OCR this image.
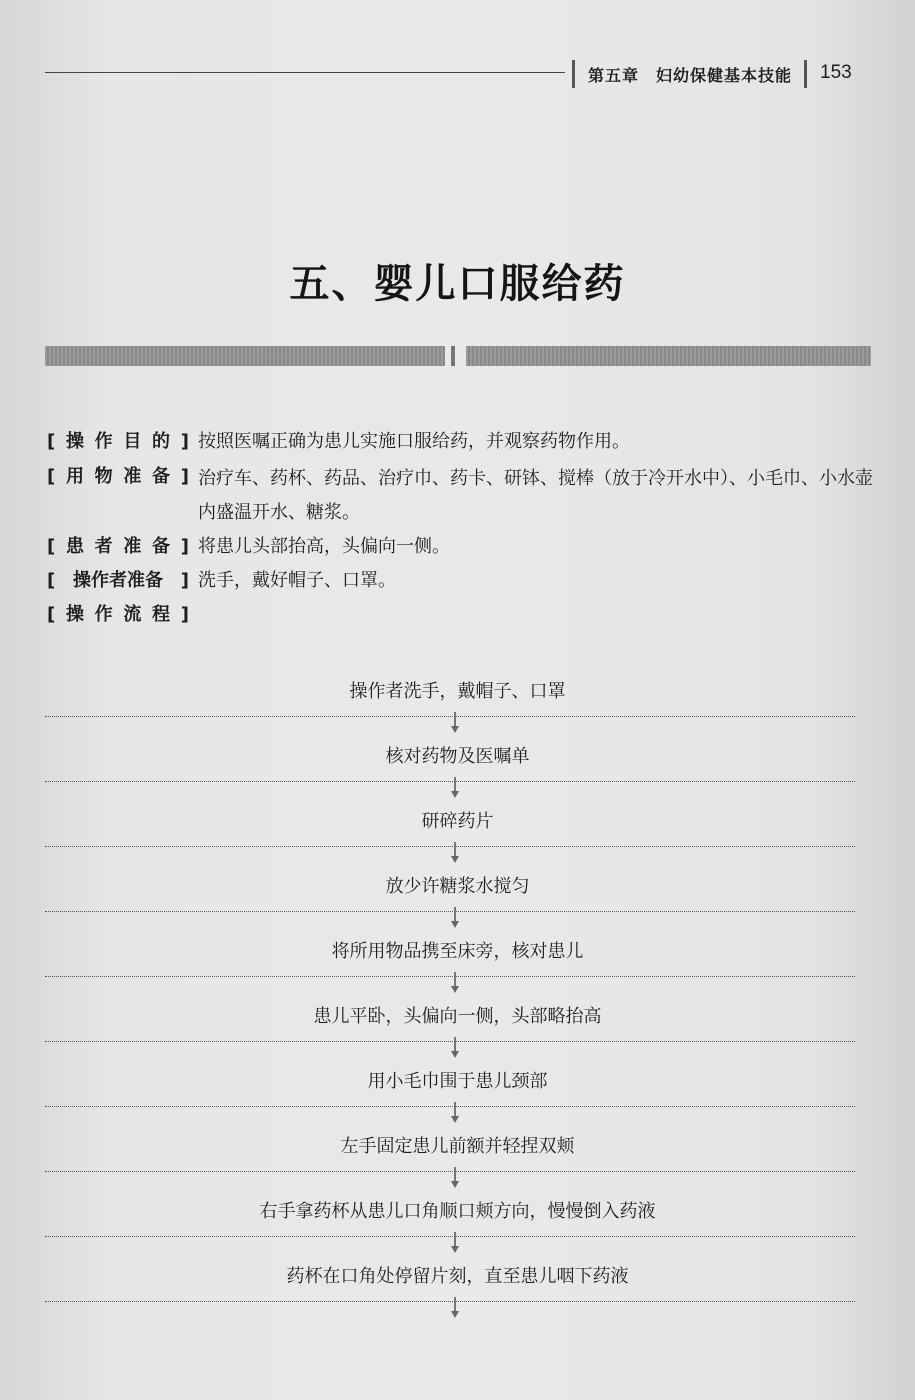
第五章　妇幼保健基本技能 153
五、婴儿口服给药
[ 操 作 目 的 ] 按照医嘱正确为患儿实施口服给药，并观察药物作用。
[ 用 物 准 备 ] 治疗车、药杯、药品、治疗巾、药卡、研钵、搅棒（放于冷开水中）、小毛巾、小水壶内盛温开水、糖浆。
[ 患 者 准 备 ] 将患儿头部抬高，头偏向一侧。
[ 操作者准备 ] 洗手，戴好帽子、口罩。
[ 操 作 流 程 ]
操作者洗手，戴帽子、口罩
核对药物及医嘱单
研碎药片
放少许糖浆水搅匀
将所用物品携至床旁，核对患儿
患儿平卧，头偏向一侧，头部略抬高
用小毛巾围于患儿颈部
左手固定患儿前额并轻捏双颊
右手拿药杯从患儿口角顺口颊方向，慢慢倒入药液
药杯在口角处停留片刻，直至患儿咽下药液
